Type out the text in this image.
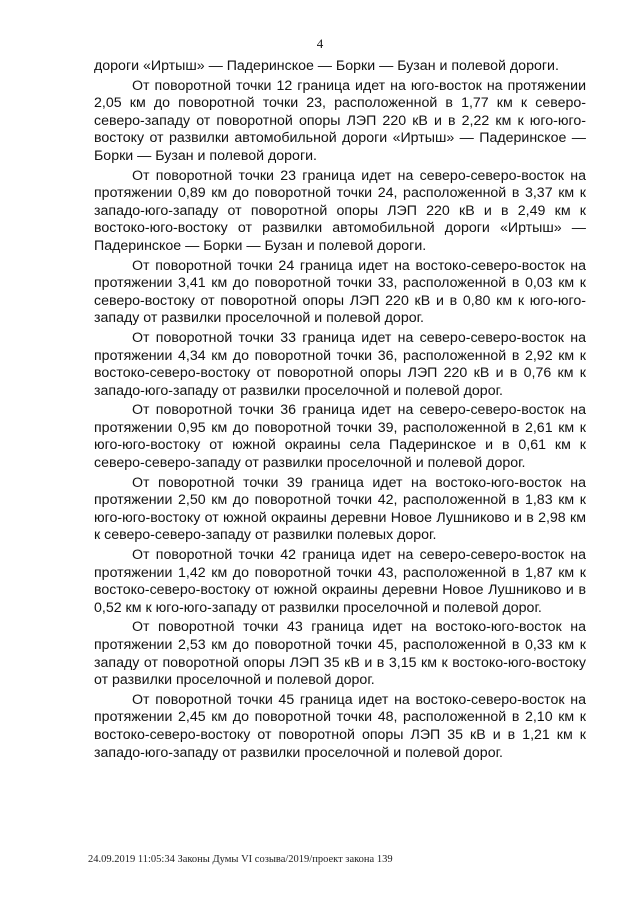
4

дороги «Иртыш» — Падеринское — Борки — Бузан и полевой дороги.

От поворотной точки 12 граница идет на юго-восток на протяжении 2,05 км до поворотной точки 23, расположенной в 1,77 км к северо-северо-западу от поворотной опоры ЛЭП 220 кВ и в 2,22 км к юго-юго-востоку от развилки автомобильной дороги «Иртыш» — Падеринское — Борки — Бузан и полевой дороги.

От поворотной точки 23 граница идет на северо-северо-восток на протяжении 0,89 км до поворотной точки 24, расположенной в 3,37 км к западо-юго-западу от поворотной опоры ЛЭП 220 кВ и в 2,49 км к востоко-юго-востоку от развилки автомобильной дороги «Иртыш» — Падеринское — Борки — Бузан и полевой дороги.

От поворотной точки 24 граница идет на востоко-северо-восток на протяжении 3,41 км до поворотной точки 33, расположенной в 0,03 км к северо-востоку от поворотной опоры ЛЭП 220 кВ и в 0,80 км к юго-юго-западу от развилки проселочной и полевой дорог.

От поворотной точки 33 граница идет на северо-северо-восток на протяжении 4,34 км до поворотной точки 36, расположенной в 2,92 км к востоко-северо-востоку от поворотной опоры ЛЭП 220 кВ и в 0,76 км к западо-юго-западу от развилки проселочной и полевой дорог.

От поворотной точки 36 граница идет на северо-северо-восток на протяжении 0,95 км до поворотной точки 39, расположенной в 2,61 км к юго-юго-востоку от южной окраины села Падеринское и в 0,61 км к северо-северо-западу от развилки проселочной и полевой дорог.

От поворотной точки 39 граница идет на востоко-юго-восток на протяжении 2,50 км до поворотной точки 42, расположенной в 1,83 км к юго-юго-востоку от южной окраины деревни Новое Лушниково и в 2,98 км к северо-северо-западу от развилки полевых дорог.

От поворотной точки 42 граница идет на северо-северо-восток на протяжении 1,42 км до поворотной точки 43, расположенной в 1,87 км к востоко-северо-востоку от южной окраины деревни Новое Лушниково и в 0,52 км к юго-юго-западу от развилки проселочной и полевой дорог.

От поворотной точки 43 граница идет на востоко-юго-восток на протяжении 2,53 км до поворотной точки 45, расположенной в 0,33 км к западу от поворотной опоры ЛЭП 35 кВ и в 3,15 км к востоко-юго-востоку от развилки проселочной и полевой дорог.

От поворотной точки 45 граница идет на востоко-северо-восток на протяжении 2,45 км до поворотной точки 48, расположенной в 2,10 км к востоко-северо-востоку от поворотной опоры ЛЭП 35 кВ и в 1,21 км к западо-юго-западу от развилки проселочной и полевой дорог.

24.09.2019 11:05:34 Законы Думы VI созыва/2019/проект закона 139
